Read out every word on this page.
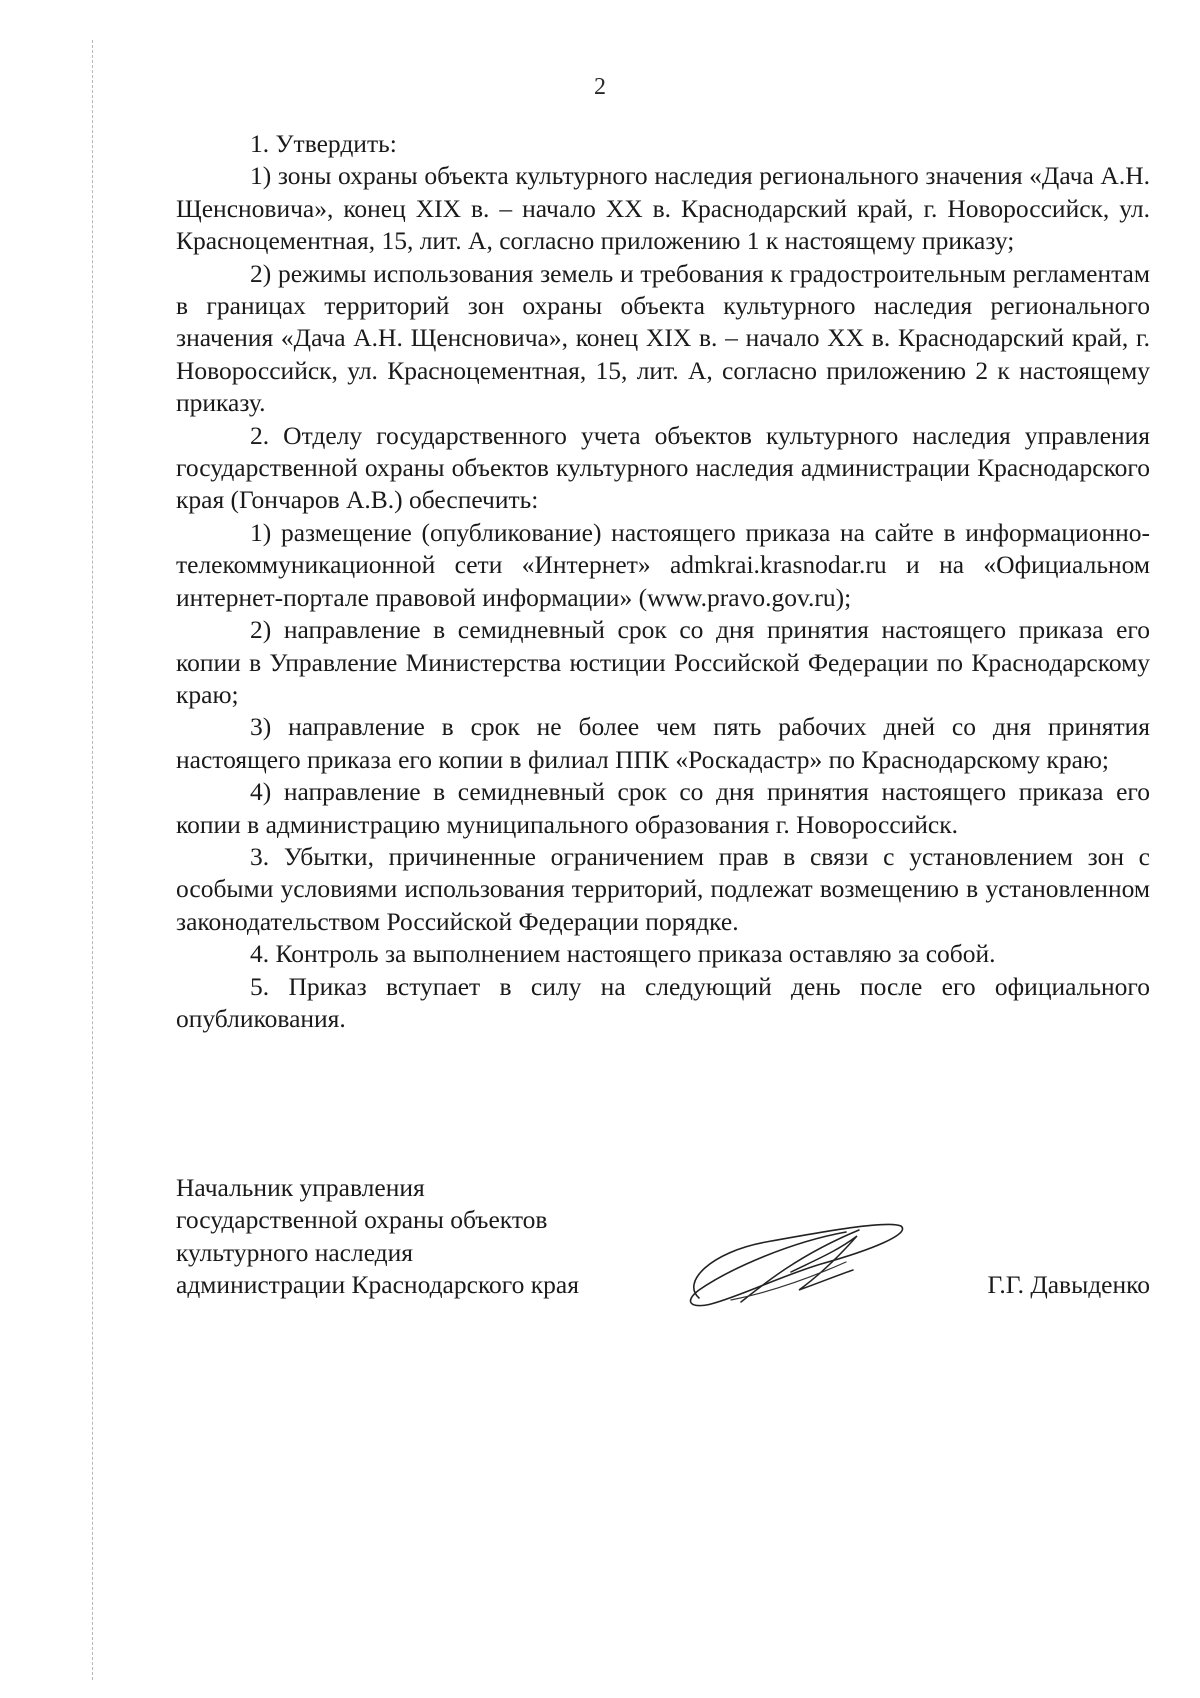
2

1. Утвердить:

1) зоны охраны объекта культурного наследия регионального значения «Дача А.Н. Щенсновича», конец XIX в. – начало XX в. Краснодарский край, г. Новороссийск, ул. Красноцементная, 15, лит. А, согласно приложению 1 к настоящему приказу;

2) режимы использования земель и требования к градостроительным регламентам в границах территорий зон охраны объекта культурного наследия регионального значения «Дача А.Н. Щенсновича», конец XIX в. – начало XX в. Краснодарский край, г. Новороссийск, ул. Красноцементная, 15, лит. А, согласно приложению 2 к настоящему приказу.

2. Отделу государственного учета объектов культурного наследия управления государственной охраны объектов культурного наследия администрации Краснодарского края (Гончаров А.В.) обеспечить:

1) размещение (опубликование) настоящего приказа на сайте в информационно-телекоммуникационной сети «Интернет» admkrai.krasnodar.ru и на «Официальном интернет-портале правовой информации» (www.pravo.gov.ru);

2) направление в семидневный срок со дня принятия настоящего приказа его копии в Управление Министерства юстиции Российской Федерации по Краснодарскому краю;

3) направление в срок не более чем пять рабочих дней со дня принятия настоящего приказа его копии в филиал ППК «Роскадастр» по Краснодарскому краю;

4) направление в семидневный срок со дня принятия настоящего приказа его копии в администрацию муниципального образования г. Новороссийск.

3. Убытки, причиненные ограничением прав в связи с установлением зон с особыми условиями использования территорий, подлежат возмещению в установленном законодательством Российской Федерации порядке.

4. Контроль за выполнением настоящего приказа оставляю за собой.

5. Приказ вступает в силу на следующий день после его официального опубликования.

Начальник управления
государственной охраны объектов
культурного наследия
администрации Краснодарского края	Г.Г. Давыденко
